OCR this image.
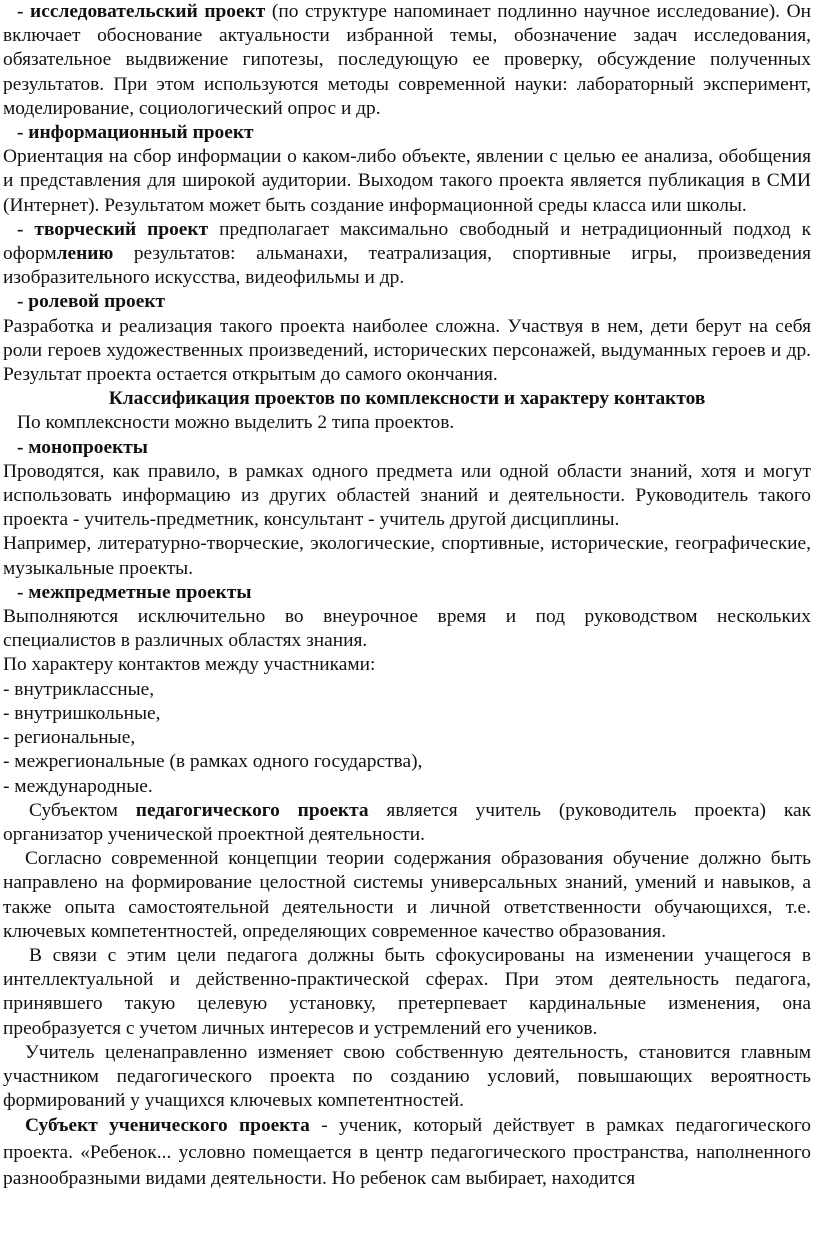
- исследовательский проект (по структуре напоминает подлинно научное исследование). Он включает обоснование актуальности избранной темы, обозначение задач исследования, обязательное выдвижение гипотезы, последующую ее проверку, обсуждение полученных результатов. При этом используются методы современной науки: лабораторный эксперимент, моделирование, социологический опрос и др.

- информационный проект

Ориентация на сбор информации о каком-либо объекте, явлении с целью ее анализа, обобщения и представления для широкой аудитории. Выходом такого проекта является публикация в СМИ (Интернет). Результатом может быть создание информационной среды класса или школы.

- творческий проект предполагает максимально свободный и нетрадиционный подход к оформлению результатов: альманахи, театрализация, спортивные игры, произведения изобразительного искусства, видеофильмы и др.

- ролевой проект

Разработка и реализация такого проекта наиболее сложна. Участвуя в нем, дети берут на себя роли героев художественных произведений, исторических персонажей, выдуманных героев и др. Результат проекта остается открытым до самого окончания.

Классификация проектов по комплексности и характеру контактов

По комплексности можно выделить 2 типа проектов.

- монопроекты

Проводятся, как правило, в рамках одного предмета или одной области знаний, хотя и могут использовать информацию из других областей знаний и деятельности. Руководитель такого проекта - учитель-предметник, консультант - учитель другой дисциплины.

Например, литературно-творческие, экологические, спортивные, исторические, географические, музыкальные проекты.

- межпредметные проекты

Выполняются исключительно во внеурочное время и под руководством нескольких специалистов в различных областях знания.

По характеру контактов между участниками:

- внутриклассные,

- внутришкольные,

- региональные,

- межрегиональные (в рамках одного государства),

- международные.

Субъектом педагогического проекта является учитель (руководитель проекта) как организатор ученической проектной деятельности.

Согласно современной концепции теории содержания образования обучение должно быть направлено на формирование целостной системы универсальных знаний, умений и навыков, а также опыта самостоятельной деятельности и личной ответственности обучающихся, т.е. ключевых компетентностей, определяющих современное качество образования.

В связи с этим цели педагога должны быть сфокусированы на изменении учащегося в интеллектуальной и действенно-практической сферах. При этом деятельность педагога, принявшего такую целевую установку, претерпевает кардинальные изменения, она преобразуется с учетом личных интересов и устремлений его учеников.

Учитель целенаправленно изменяет свою собственную деятельность, становится главным участником педагогического проекта по созданию условий, повышающих вероятность формирований у учащихся ключевых компетентностей.

Субъект ученического проекта - ученик, который действует в рамках педагогического проекта. «Ребенок... условно помещается в центр педагогического пространства, наполненного разнообразными видами деятельности. Но ребенок сам выбирает, находится
